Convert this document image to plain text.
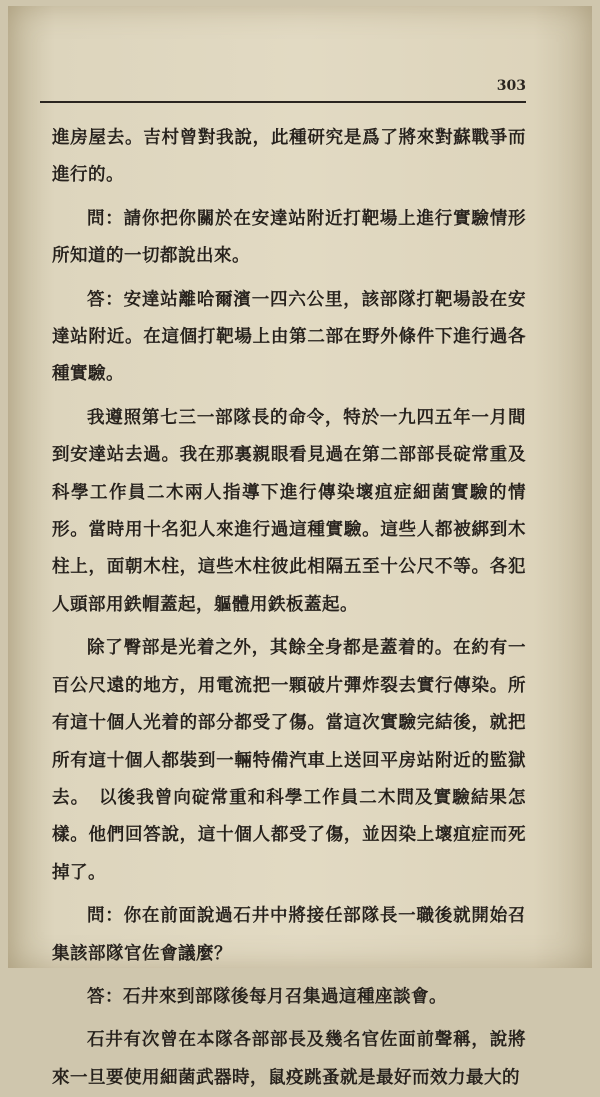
303

進房屋去。吉村曾對我說，此種研究是爲了將來對蘇戰爭而進行的。

問：請你把你關於在安達站附近打靶場上進行實驗情形所知道的一切都說出來。

答：安達站離哈爾濱一四六公里，該部隊打靶場設在安達站附近。在這個打靶場上由第二部在野外條件下進行過各種實驗。

我遵照第七三一部隊長的命令，特於一九四五年一月間到安達站去過。我在那裏親眼看見過在第二部部長碇常重及科學工作員二木兩人指導下進行傳染壞疽症細菌實驗的情形。當時用十名犯人來進行過這種實驗。這些人都被綁到木柱上，面朝木柱，這些木柱彼此相隔五至十公尺不等。各犯人頭部用鉄帽蓋起，軀體用鉄板蓋起。

除了臀部是光着之外，其餘全身都是蓋着的。在約有一百公尺遠的地方，用電流把一顆破片彈炸裂去實行傳染。所有這十個人光着的部分都受了傷。當這次實驗完結後，就把所有這十個人都裝到一輛特備汽車上送回平房站附近的監獄去。　以後我曾向碇常重和科學工作員二木問及實驗結果怎樣。他們回答說，這十個人都受了傷，並因染上壞疽症而死掉了。

問：你在前面說過石井中將接任部隊長一職後就開始召集該部隊官佐會議麼？

答：石井來到部隊後每月召集過這種座談會。

石井有次曾在本隊各部部長及幾名官佐面前聲稱，說將來一旦要使用細菌武器時，鼠疫跳蚤就是最好而效力最大的
